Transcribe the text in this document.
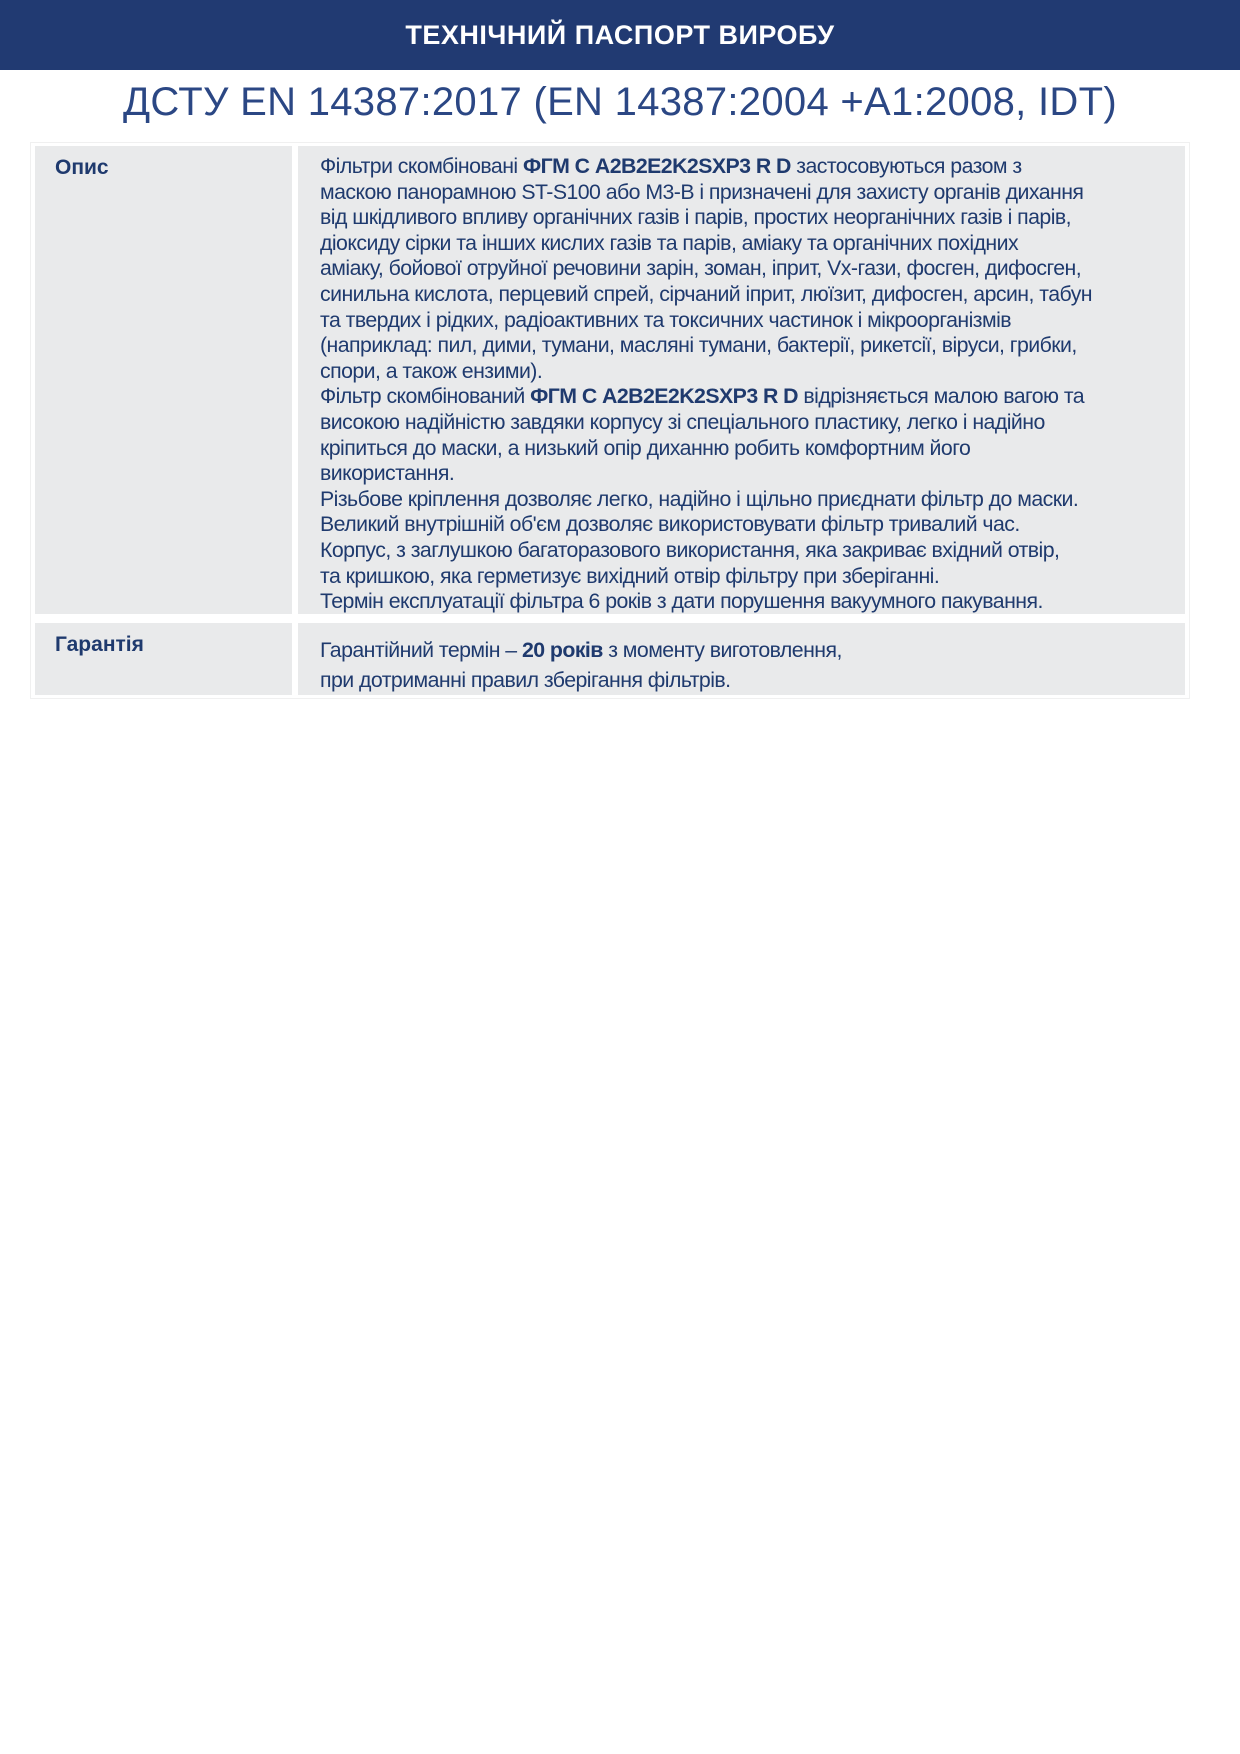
ТЕХНІЧНИЙ ПАСПОРТ ВИРОБУ
ДСТУ EN 14387:2017 (EN 14387:2004 +A1:2008, IDT)
Опис	Фільтри скомбіновані ФГМ С A2B2E2K2SXP3 R D застосовуються разом з
маскою панорамною ST-S100 або М3-В і призначені для захисту органів дихання
від шкідливого впливу органічних газів і парів, простих неорганічних газів і парів,
діоксиду сірки та інших кислих газів та парів, аміаку та органічних похідних
аміаку, бойової отруйної речовини зарін, зоман, іприт, Vx-гази, фосген, дифосген,
синильна кислота, перцевий спрей, сірчаний іприт, люїзит, дифосген, арсин, табун
та твердих і рідких, радіоактивних та токсичних частинок і мікроорганізмів
(наприклад: пил, дими, тумани, масляні тумани, бактерії, рикетсії, віруси, грибки,
спори, а також ензими).
Фільтр скомбінований ФГМ С A2B2E2K2SXP3 R D відрізняється малою вагою та
високою надійністю завдяки корпусу зі спеціального пластику, легко і надійно
кріпиться до маски, а низький опір диханню робить комфортним його
використання.
Різьбове кріплення дозволяє легко, надійно і щільно приєднати фільтр до маски.
Великий внутрішній об'єм дозволяє використовувати фільтр тривалий час.
Корпус, з заглушкою багаторазового використання, яка закриває вхідний отвір,
та кришкою, яка герметизує вихідний отвір фільтру при зберіганні.
Термін експлуатації фільтра 6 років з дати порушення вакуумного пакування.
Гарантія	Гарантійний термін – 20 років з моменту виготовлення,
при дотриманні правил зберігання фільтрів.
